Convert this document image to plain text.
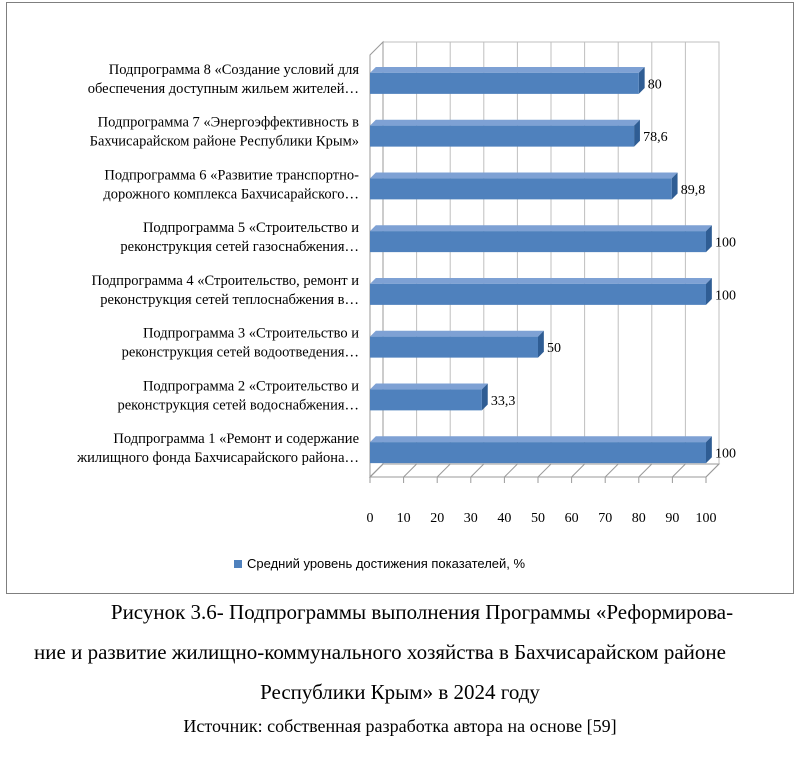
100
33,3
50
100
100
89,8
78,6
80
Подпрограмма 1 «Ремонт и содержание
жилищного фонда Бахчисарайского района…
Подпрограмма 2 «Строительство и
реконструкция сетей водоснабжения…
Подпрограмма 3 «Строительство и
реконструкция сетей водоотведения…
Подпрограмма 4 «Строительство, ремонт и
реконструкция сетей теплоснабжения в…
Подпрограмма 5 «Строительство и
реконструкция сетей газоснабжения…
Подпрограмма 6 «Развитие транспортно-
дорожного комплекса Бахчисарайского…
Подпрограмма 7 «Энергоэффективность в
Бахчисарайском районе Республики Крым»
Подпрограмма 8 «Создание условий для
обеспечения доступным жильем жителей…
0 10 20 30 40 50 60 70 80 90 100
Средний уровень достижения показателей, %
Рисунок 3.6- Подпрограммы выполнения Программы «Реформирова-
ние и развитие жилищно-коммунального хозяйства в Бахчисарайском районе
Республики Крым» в 2024 году
Источник: собственная разработка автора на основе [59]
